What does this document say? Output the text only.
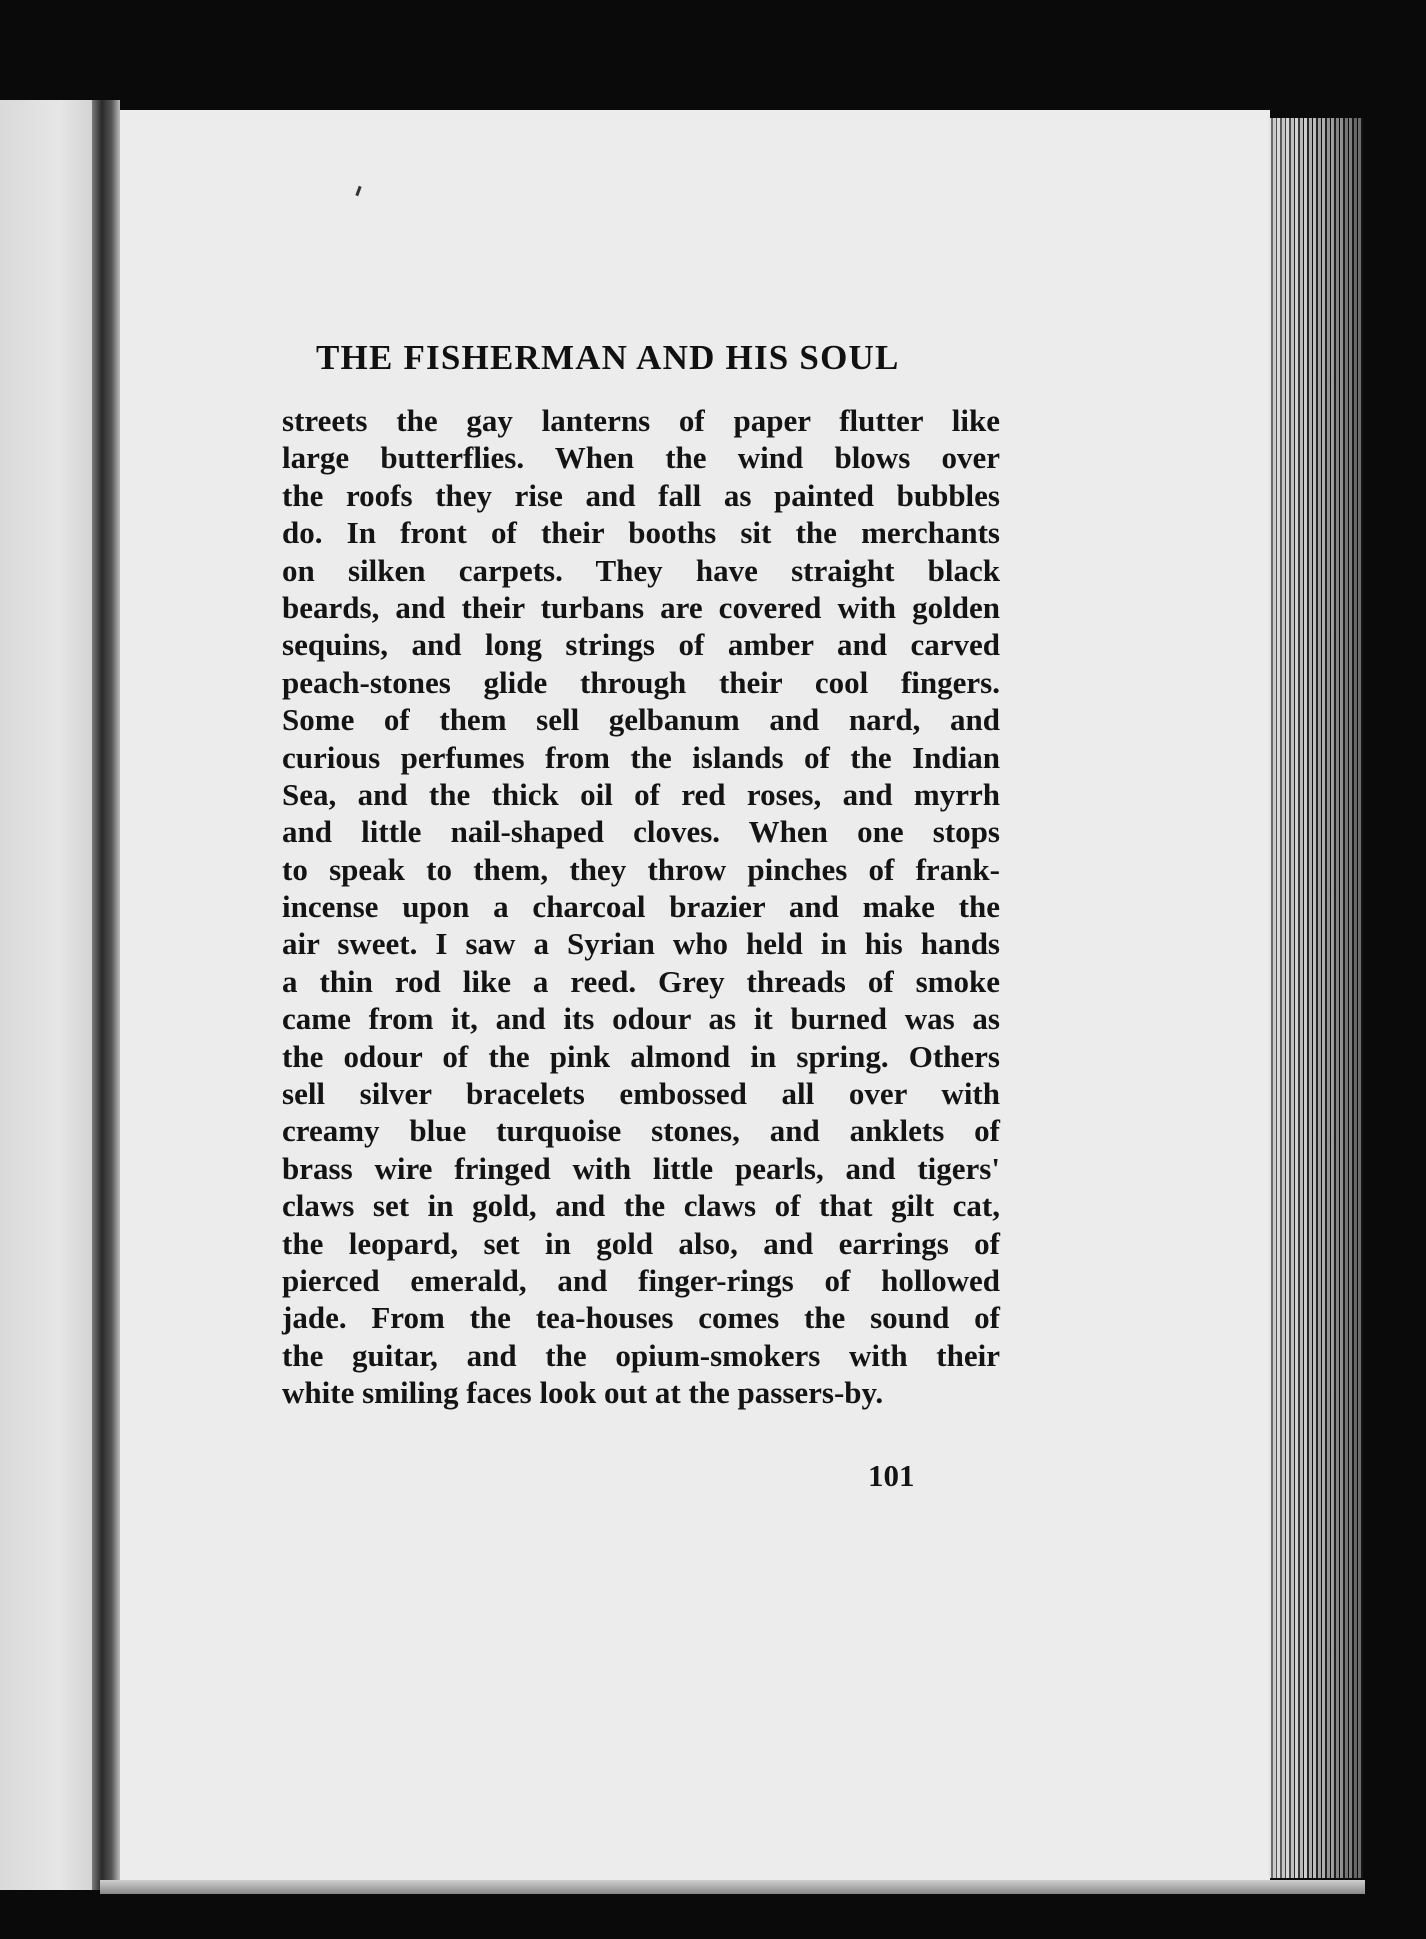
THE FISHERMAN AND HIS SOUL
streets the gay lanterns of paper flutter like
large butterflies. When the wind blows over
the roofs they rise and fall as painted bubbles
do. In front of their booths sit the merchants
on silken carpets. They have straight black
beards, and their turbans are covered with golden
sequins, and long strings of amber and carved
peach-stones glide through their cool fingers.
Some of them sell gelbanum and nard, and
curious perfumes from the islands of the Indian
Sea, and the thick oil of red roses, and myrrh
and little nail-shaped cloves. When one stops
to speak to them, they throw pinches of frank-
incense upon a charcoal brazier and make the
air sweet. I saw a Syrian who held in his hands
a thin rod like a reed. Grey threads of smoke
came from it, and its odour as it burned was as
the odour of the pink almond in spring. Others
sell silver bracelets embossed all over with
creamy blue turquoise stones, and anklets of
brass wire fringed with little pearls, and tigers'
claws set in gold, and the claws of that gilt cat,
the leopard, set in gold also, and earrings of
pierced emerald, and finger-rings of hollowed
jade. From the tea-houses comes the sound of
the guitar, and the opium-smokers with their
white smiling faces look out at the passers-by.
101
